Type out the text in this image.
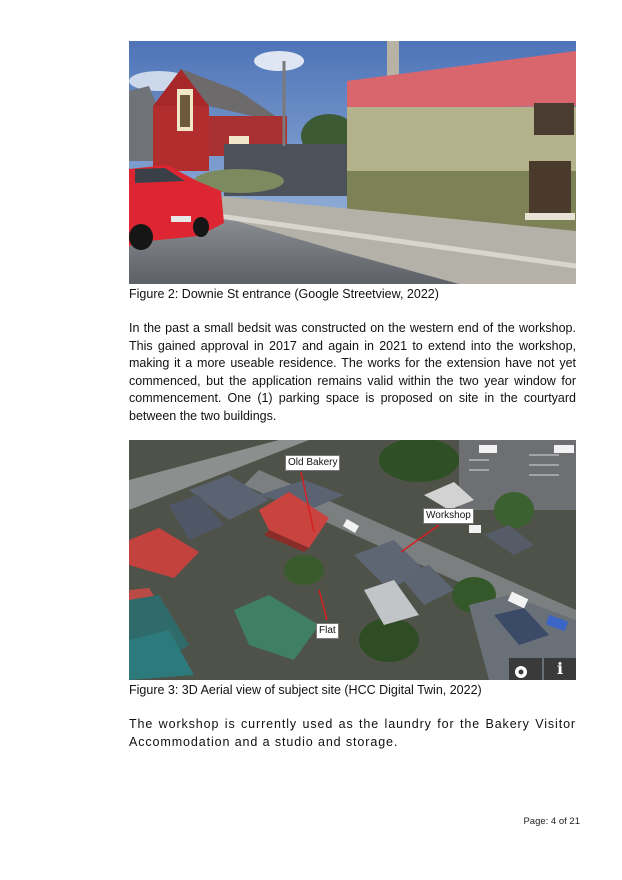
Figure 2: Downie St entrance (Google Streetview, 2022)
In the past a small bedsit was constructed on the western end of the workshop. This gained approval in 2017 and again in 2021 to extend into the workshop, making it a more useable residence. The works for the extension have not yet commenced, but the application remains valid within the two year window for commencement. One (1) parking space is proposed on site in the courtyard between the two buildings.
Old Bakery
Workshop
Flat
i
Figure 3: 3D Aerial view of subject site (HCC Digital Twin, 2022)
The workshop is currently used as the laundry for the Bakery Visitor Accommodation and a studio and storage.
Page: 4 of 21
